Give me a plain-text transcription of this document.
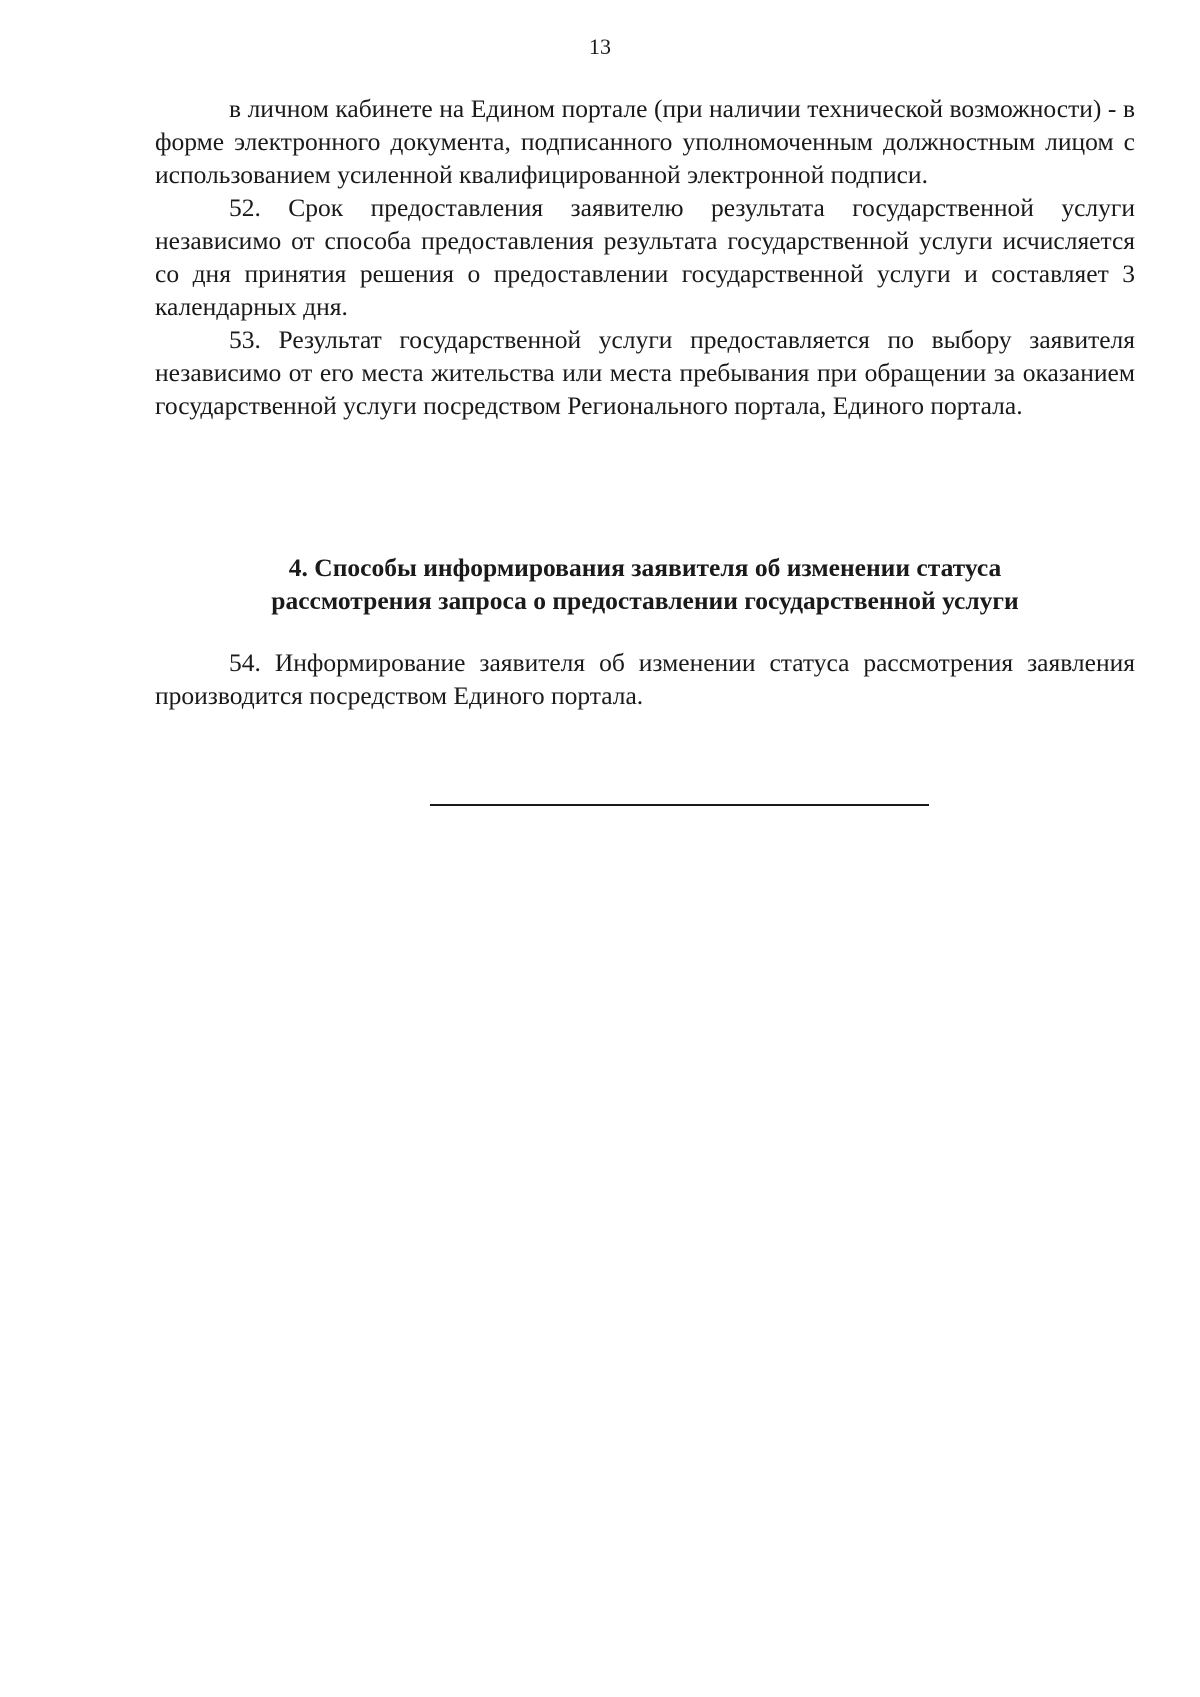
13

в личном кабинете на Едином портале (при наличии технической возможности) - в форме электронного документа, подписанного уполномоченным должностным лицом с использованием усиленной квалифицированной электронной подписи.

52. Срок предоставления заявителю результата государственной услуги независимо от способа предоставления результата государственной услуги исчисляется со дня принятия решения о предоставлении государственной услуги и составляет 3 календарных дня.

53. Результат государственной услуги предоставляется по выбору заявителя независимо от его места жительства или места пребывания при обращении за оказанием государственной услуги посредством Регионального портала, Единого портала.

4. Способы информирования заявителя об изменении статуса
рассмотрения запроса о предоставлении государственной услуги

54. Информирование заявителя об изменении статуса рассмотрения заявления производится посредством Единого портала.
